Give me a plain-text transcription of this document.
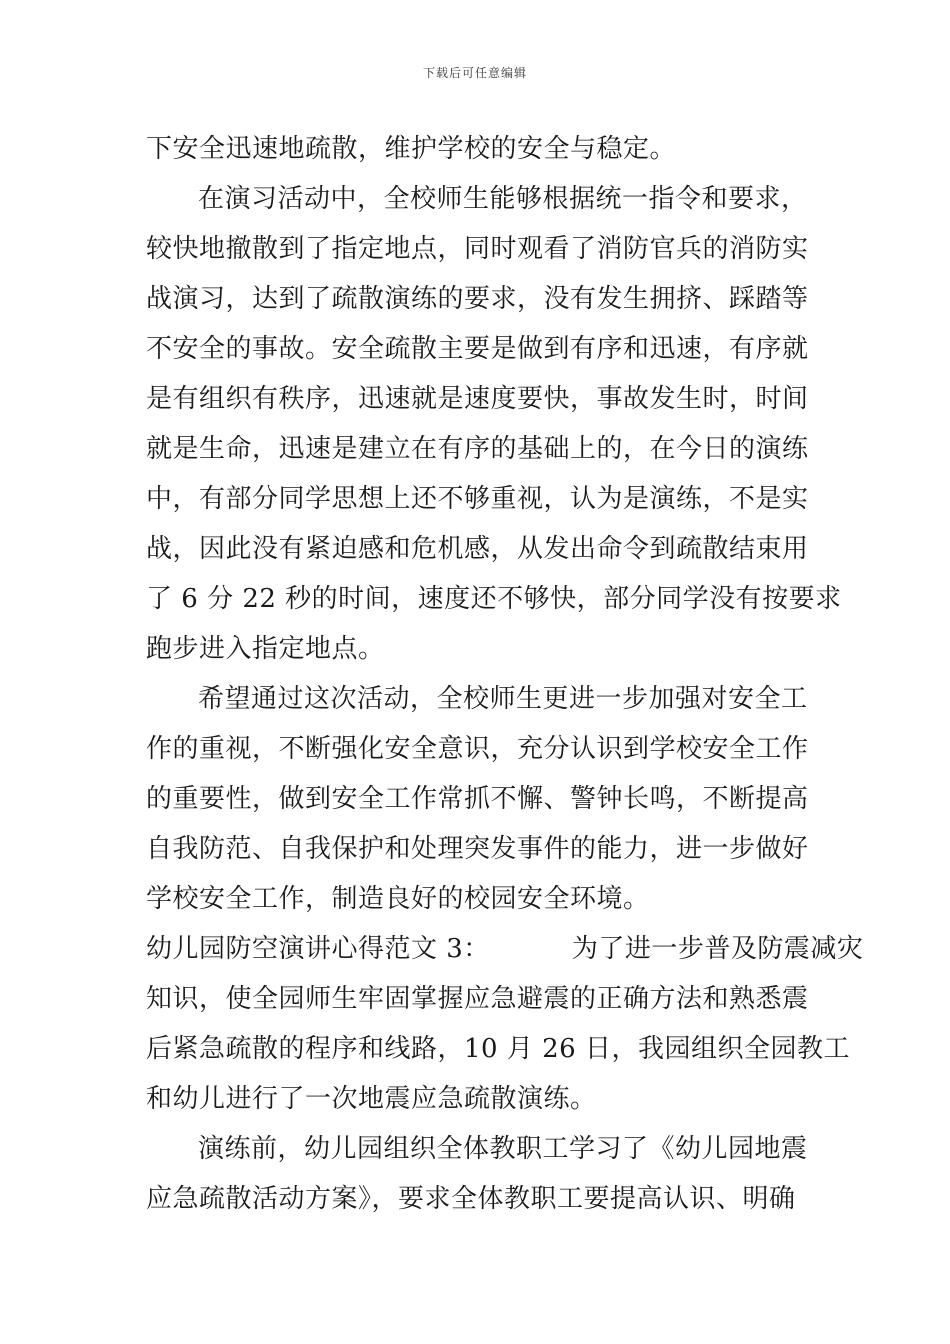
下载后可任意编辑
下安全迅速地疏散，维护学校的安全与稳定。
在演习活动中，全校师生能够根据统一指令和要求，
较快地撤散到了指定地点，同时观看了消防官兵的消防实
战演习，达到了疏散演练的要求，没有发生拥挤、踩踏等
不安全的事故。安全疏散主要是做到有序和迅速，有序就
是有组织有秩序，迅速就是速度要快，事故发生时，时间
就是生命，迅速是建立在有序的基础上的，在今日的演练
中，有部分同学思想上还不够重视，认为是演练，不是实
战，因此没有紧迫感和危机感，从发出命令到疏散结束用
了 6 分 22 秒的时间，速度还不够快，部分同学没有按要求
跑步进入指定地点。
希望通过这次活动，全校师生更进一步加强对安全工
作的重视，不断强化安全意识，充分认识到学校安全工作
的重要性，做到安全工作常抓不懈、警钟长鸣，不断提高
自我防范、自我保护和处理突发事件的能力，进一步做好
学校安全工作，制造良好的校园安全环境。
幼儿园防空演讲心得范文 3：	为了进一步普及防震减灾
知识，使全园师生牢固掌握应急避震的正确方法和熟悉震
后紧急疏散的程序和线路，10 月 26 日，我园组织全园教工
和幼儿进行了一次地震应急疏散演练。
演练前，幼儿园组织全体教职工学习了《幼儿园地震
应急疏散活动方案》，要求全体教职工要提高认识、明确
